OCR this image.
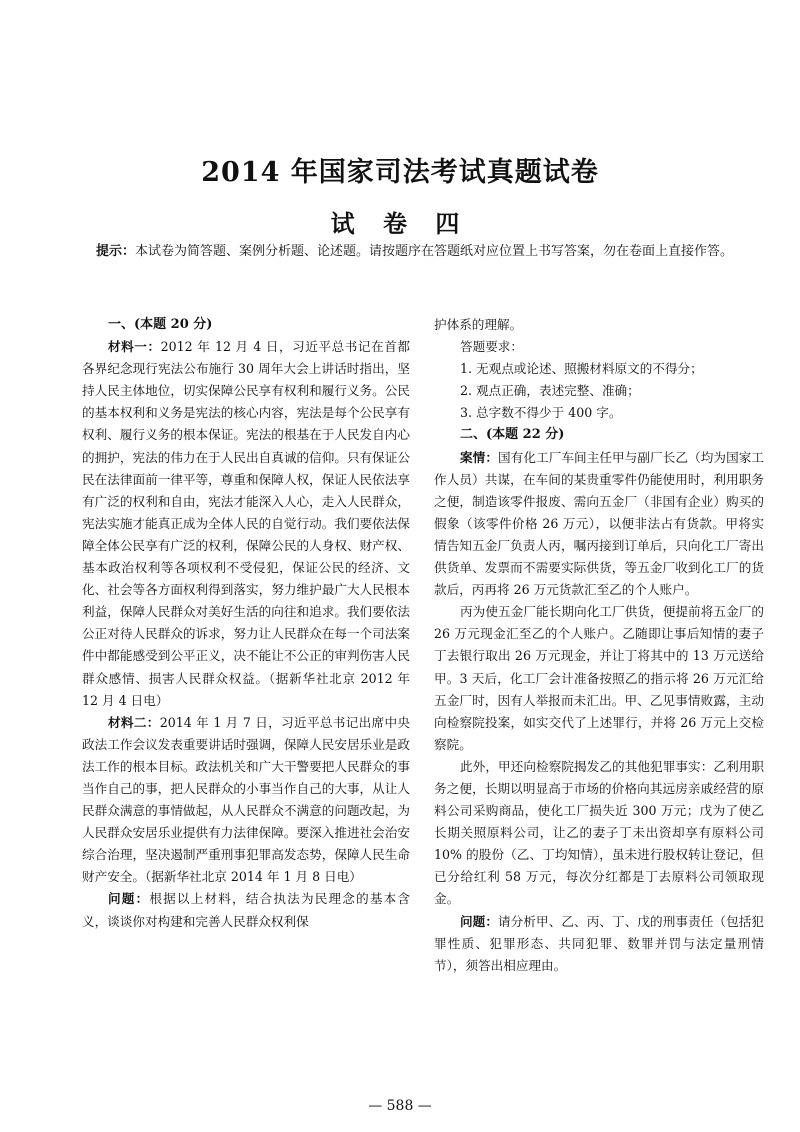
2014 年国家司法考试真题试卷
试 卷 四
提示：本试卷为简答题、案例分析题、论述题。请按题序在答题纸对应位置上书写答案，勿在卷面上直接作答。
一、(本题 20 分)

材料一：2012 年 12 月 4 日，习近平总书记在首都各界纪念现行宪法公布施行 30 周年大会上讲话时指出，坚持人民主体地位，切实保障公民享有权利和履行义务。公民的基本权利和义务是宪法的核心内容，宪法是每个公民享有权利、履行义务的根本保证。宪法的根基在于人民发自内心的拥护，宪法的伟力在于人民出自真诚的信仰。只有保证公民在法律面前一律平等，尊重和保障人权，保证人民依法享有广泛的权利和自由，宪法才能深入人心，走入人民群众，宪法实施才能真正成为全体人民的自觉行动。我们要依法保障全体公民享有广泛的权利，保障公民的人身权、财产权、基本政治权利等各项权利不受侵犯，保证公民的经济、文化、社会等各方面权利得到落实，努力维护最广大人民根本利益，保障人民群众对美好生活的向往和追求。我们要依法公正对待人民群众的诉求，努力让人民群众在每一个司法案件中都能感受到公平正义，决不能让不公正的审判伤害人民群众感情、损害人民群众权益。（据新华社北京 2012 年 12 月 4 日电）

材料二：2014 年 1 月 7 日，习近平总书记出席中央政法工作会议发表重要讲话时强调，保障人民安居乐业是政法工作的根本目标。政法机关和广大干警要把人民群众的事当作自己的事，把人民群众的小事当作自己的大事，从让人民群众满意的事情做起，从人民群众不满意的问题改起，为人民群众安居乐业提供有力法律保障。要深入推进社会治安综合治理，坚决遏制严重刑事犯罪高发态势，保障人民生命财产安全。（据新华社北京 2014 年 1 月 8 日电）

问题：根据以上材料，结合执法为民理念的基本含义，谈谈你对构建和完善人民群众权利保

护体系的理解。

答题要求：

1. 无观点或论述、照搬材料原文的不得分；

2. 观点正确，表述完整、准确；

3. 总字数不得少于 400 字。

二、(本题 22 分)

案情：国有化工厂车间主任甲与副厂长乙（均为国家工作人员）共谋，在车间的某贵重零件仍能使用时，利用职务之便，制造该零件报废、需向五金厂（非国有企业）购买的假象（该零件价格 26 万元），以便非法占有货款。甲将实情告知五金厂负责人丙，嘱丙接到订单后，只向化工厂寄出供货单、发票而不需要实际供货，等五金厂收到化工厂的货款后，丙再将 26 万元货款汇至乙的个人账户。

丙为使五金厂能长期向化工厂供货，便提前将五金厂的 26 万元现金汇至乙的个人账户。乙随即让事后知情的妻子丁去银行取出 26 万元现金，并让丁将其中的 13 万元送给甲。3 天后，化工厂会计准备按照乙的指示将 26 万元汇给五金厂时，因有人举报而未汇出。甲、乙见事情败露，主动向检察院投案，如实交代了上述罪行，并将 26 万元上交检察院。

此外，甲还向检察院揭发乙的其他犯罪事实：乙利用职务之便，长期以明显高于市场的价格向其远房亲戚经营的原料公司采购商品，使化工厂损失近 300 万元；戊为了使乙长期关照原料公司，让乙的妻子丁未出资却享有原料公司 10% 的股份（乙、丁均知情），虽未进行股权转让登记，但已分给红利 58 万元，每次分红都是丁去原料公司领取现金。

问题：请分析甲、乙、丙、丁、戊的刑事责任（包括犯罪性质、犯罪形态、共同犯罪、数罪并罚与法定量刑情节），须答出相应理由。

— 588 —
